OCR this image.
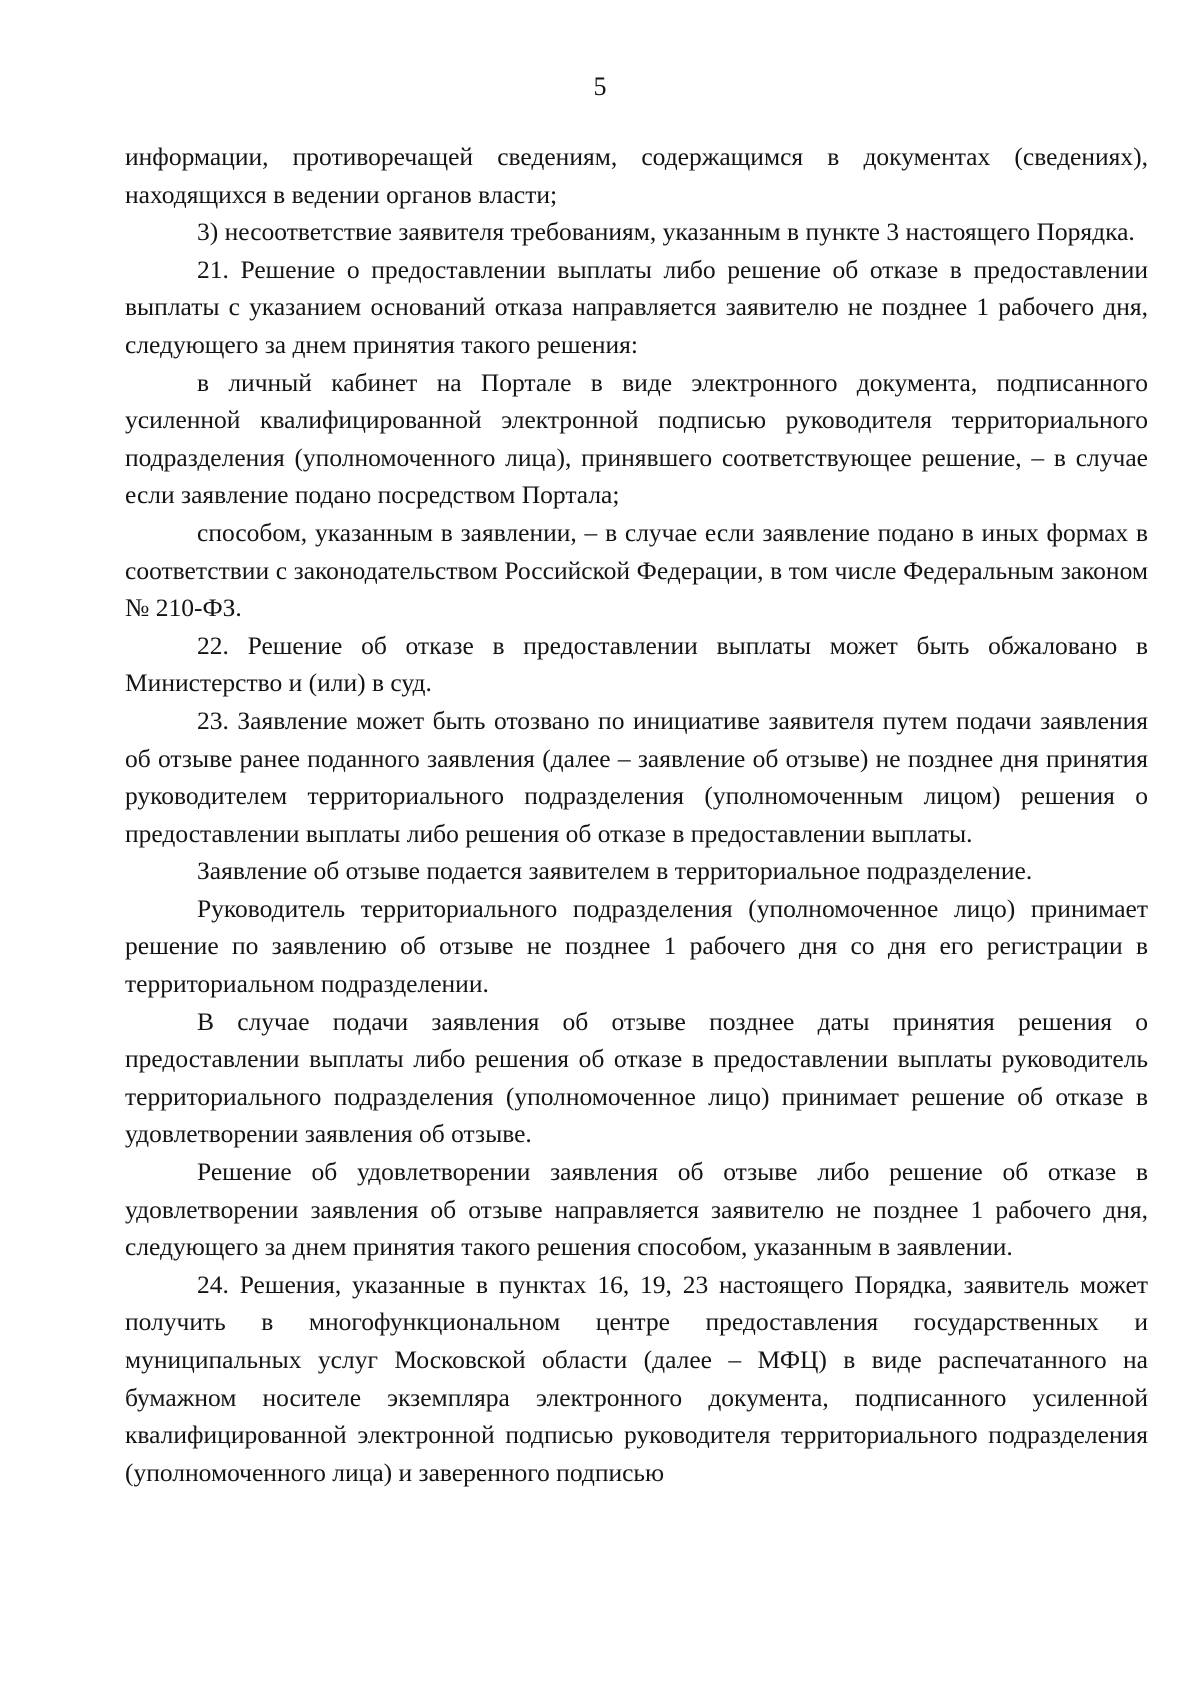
5

информации, противоречащей сведениям, содержащимся в документах (сведениях), находящихся в ведении органов власти;

3) несоответствие заявителя требованиям, указанным в пункте 3 настоящего Порядка.

21. Решение о предоставлении выплаты либо решение об отказе в предоставлении выплаты с указанием оснований отказа направляется заявителю не позднее 1 рабочего дня, следующего за днем принятия такого решения:

в личный кабинет на Портале в виде электронного документа, подписанного усиленной квалифицированной электронной подписью руководителя территориального подразделения (уполномоченного лица), принявшего соответствующее решение, – в случае если заявление подано посредством Портала;

способом, указанным в заявлении, – в случае если заявление подано в иных формах в соответствии с законодательством Российской Федерации, в том числе Федеральным законом № 210-ФЗ.

22. Решение об отказе в предоставлении выплаты может быть обжаловано в Министерство и (или) в суд.

23. Заявление может быть отозвано по инициативе заявителя путем подачи заявления об отзыве ранее поданного заявления (далее – заявление об отзыве) не позднее дня принятия руководителем территориального подразделения (уполномоченным лицом) решения о предоставлении выплаты либо решения об отказе в предоставлении выплаты.

Заявление об отзыве подается заявителем в территориальное подразделение.

Руководитель территориального подразделения (уполномоченное лицо) принимает решение по заявлению об отзыве не позднее 1 рабочего дня со дня его регистрации в территориальном подразделении.

В случае подачи заявления об отзыве позднее даты принятия решения о предоставлении выплаты либо решения об отказе в предоставлении выплаты руководитель территориального подразделения (уполномоченное лицо) принимает решение об отказе в удовлетворении заявления об отзыве.

Решение об удовлетворении заявления об отзыве либо решение об отказе в удовлетворении заявления об отзыве направляется заявителю не позднее 1 рабочего дня, следующего за днем принятия такого решения способом, указанным в заявлении.

24. Решения, указанные в пунктах 16, 19, 23 настоящего Порядка, заявитель может получить в многофункциональном центре предоставления государственных и муниципальных услуг Московской области (далее – МФЦ) в виде распечатанного на бумажном носителе экземпляра электронного документа, подписанного усиленной квалифицированной электронной подписью руководителя территориального подразделения (уполномоченного лица) и заверенного подписью
